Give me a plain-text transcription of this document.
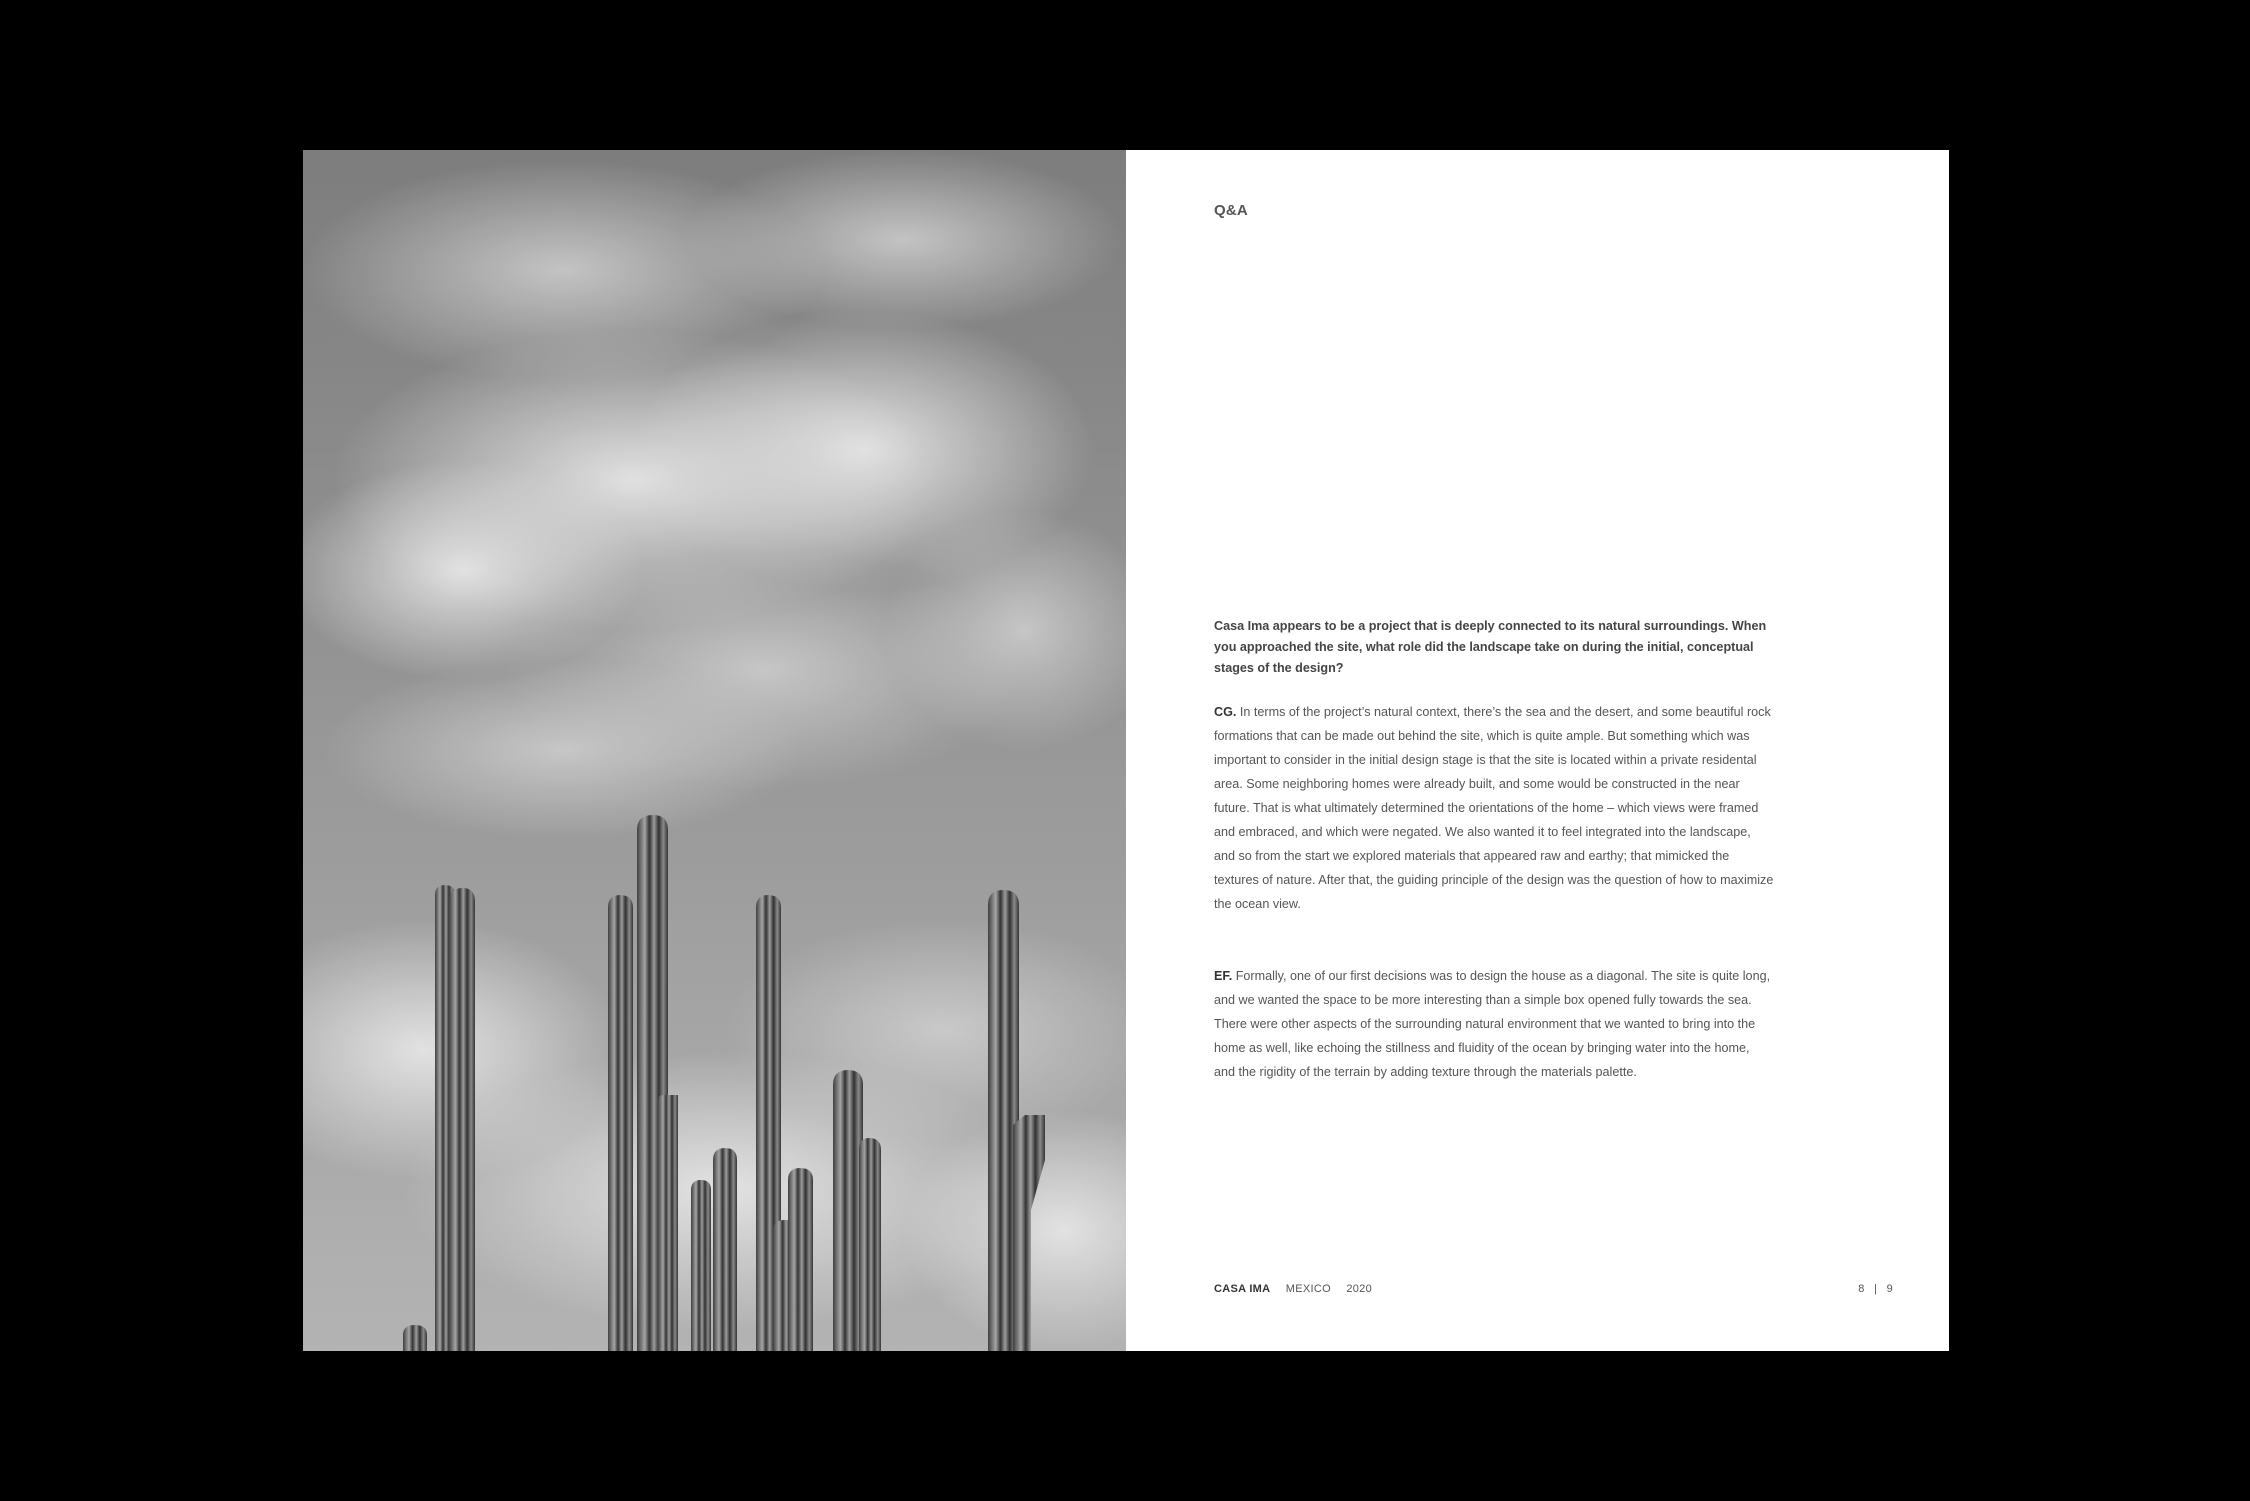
Q&A

Casa Ima appears to be a project that is deeply connected to its natural surroundings. When you approached the site, what role did the landscape take on during the initial, conceptual stages of the design?

CG. In terms of the project’s natural context, there’s the sea and the desert, and some beautiful rock formations that can be made out behind the site, which is quite ample. But something which was important to consider in the initial design stage is that the site is located within a private residental area. Some neighboring homes were already built, and some would be constructed in the near future. That is what ultimately determined the orientations of the home – which views were framed and embraced, and which were negated. We also wanted it to feel integrated into the landscape, and so from the start we explored materials that appeared raw and earthy; that mimicked the textures of nature. After that, the guiding principle of the design was the question of how to maximize the ocean view.

EF. Formally, one of our first decisions was to design the house as a diagonal. The site is quite long, and we wanted the space to be more interesting than a simple box opened fully towards the sea. There were other aspects of the surrounding natural environment that we wanted to bring into the home as well, like echoing the stillness and fluidity of the ocean by bringing water into the home, and the rigidity of the terrain by adding texture through the materials palette.

CASA IMA MEXICO 2020	8 | 9
